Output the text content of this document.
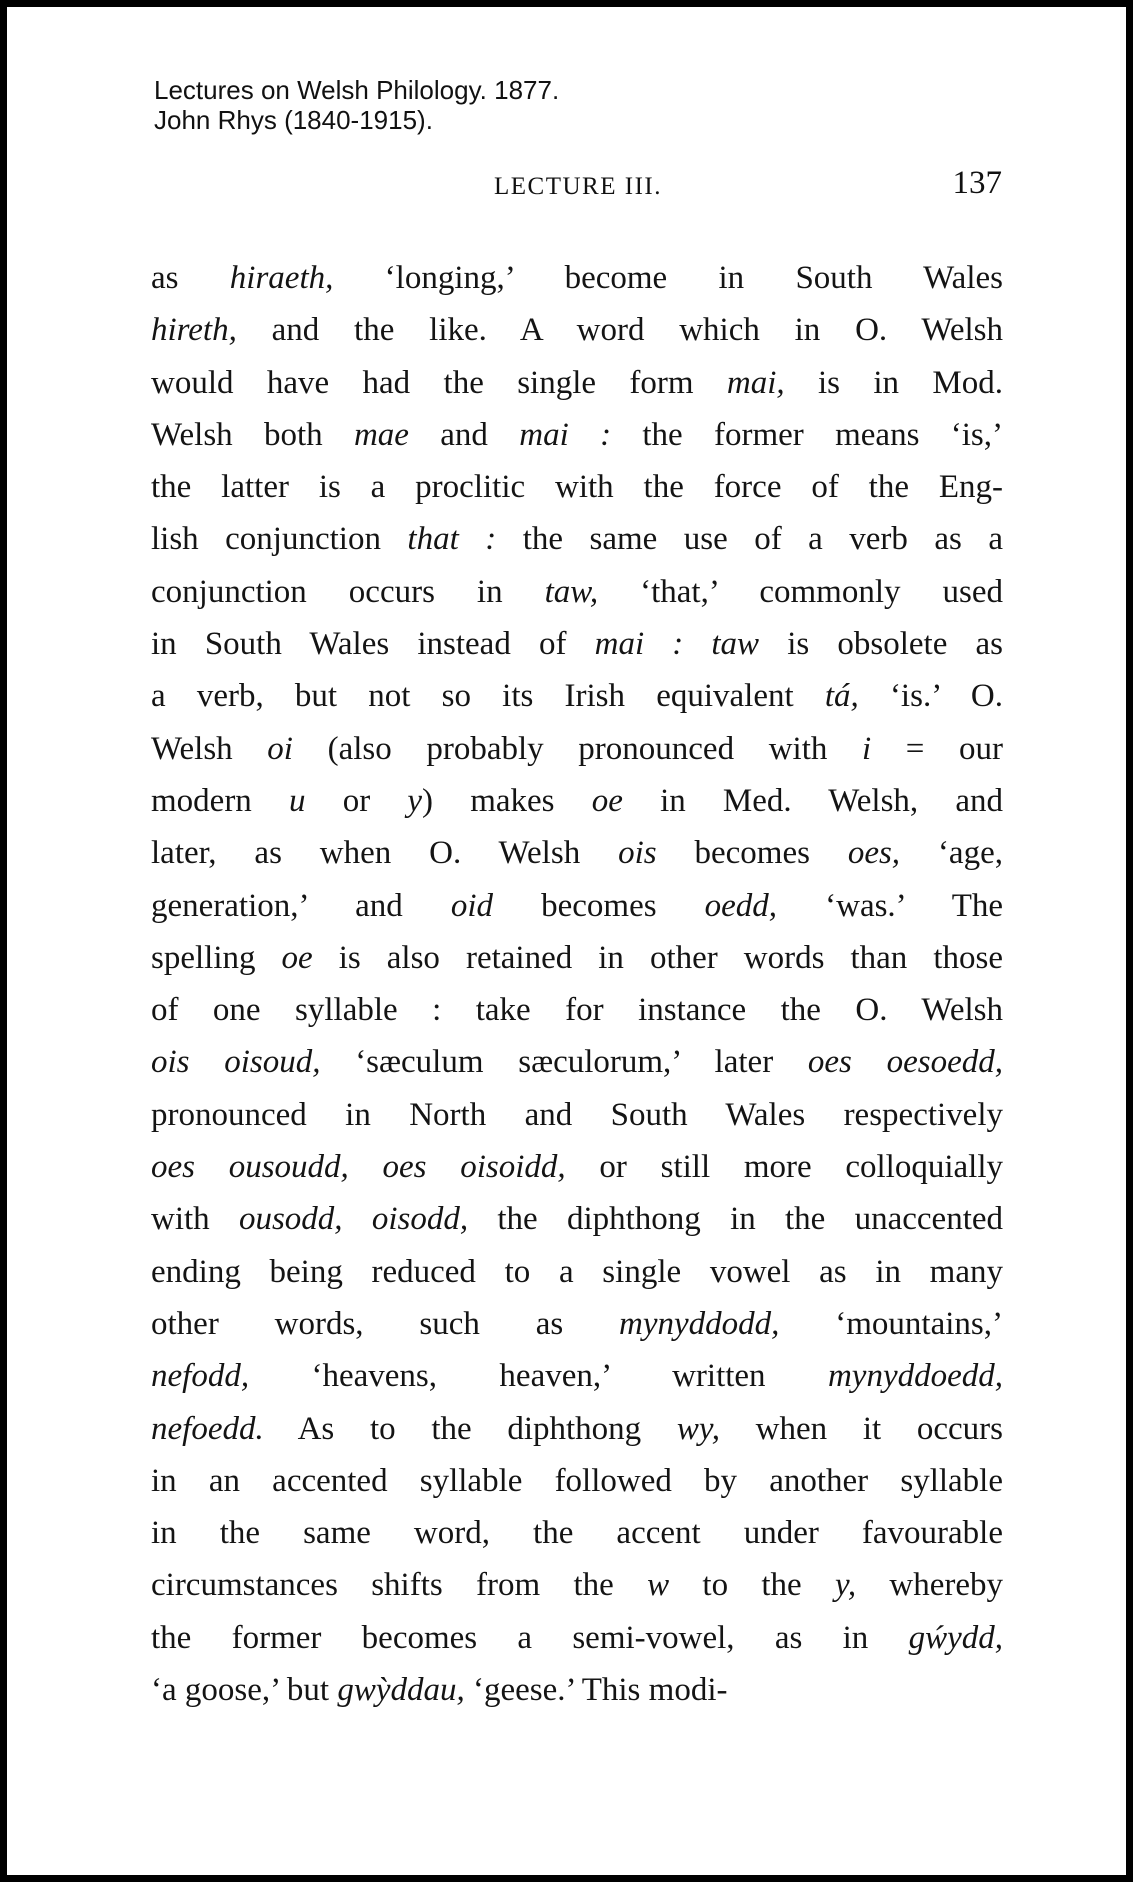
Lectures on Welsh Philology. 1877.
John Rhys (1840-1915).
LECTURE III.	137
as hiraeth, ‘longing,’ become in South Wales
hireth, and the like. A word which in O. Welsh
would have had the single form mai, is in Mod.
Welsh both mae and mai : the former means ‘is,’
the latter is a proclitic with the force of the Eng-
lish conjunction that : the same use of a verb as a
conjunction occurs in taw, ‘that,’ commonly used
in South Wales instead of mai : taw is obsolete as
a verb, but not so its Irish equivalent tá, ‘is.’ O.
Welsh oi (also probably pronounced with i = our
modern u or y) makes oe in Med. Welsh, and
later, as when O. Welsh ois becomes oes, ‘age,
generation,’ and oid becomes oedd, ‘was.’ The
spelling oe is also retained in other words than those
of one syllable : take for instance the O. Welsh
ois oisoud, ‘sæculum sæculorum,’ later oes oesoedd,
pronounced in North and South Wales respectively
oes ousoudd, oes oisoidd, or still more colloquially
with ousodd, oisodd, the diphthong in the unaccented
ending being reduced to a single vowel as in many
other words, such as mynyddodd, ‘mountains,’
nefodd, ‘heavens, heaven,’ written mynyddoedd,
nefoedd. As to the diphthong wy, when it occurs
in an accented syllable followed by another syllable
in the same word, the accent under favourable
circumstances shifts from the w to the y, whereby
the former becomes a semi-vowel, as in gẃydd,
‘a goose,’ but gwỳddau, ‘geese.’ This modi-
